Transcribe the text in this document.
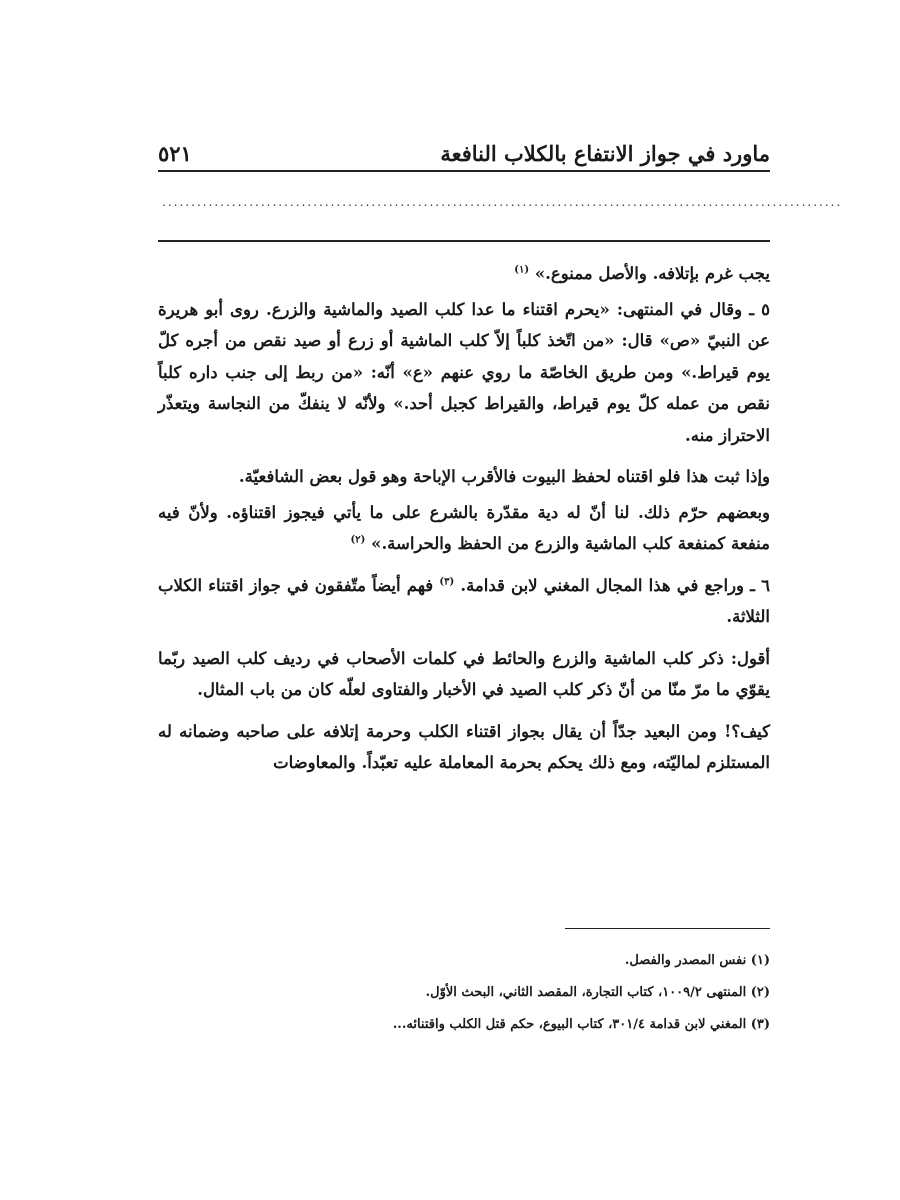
٥٢١	ماورد في جواز الانتفاع بالكلاب النافعة
.....................................................................................................................

يجب غرم بإتلافه. والأصل ممنوع.» $^{(١)}$

٥ ـ وقال في المنتهى: «يحرم اقتناء ما عدا كلب الصيد والماشية والزرع. روى أبو هريرة عن النبيّ «ص» قال: «من اتّخذ كلباً إلاّ كلب الماشية أو زرع أو صيد نقص من أجره كلّ يوم قيراط.» ومن طريق الخاصّة ما روي عنهم «ع» أنّه: «من ربط إلى جنب داره كلباً نقص من عمله كلّ يوم قيراط، والقيراط كجبل أحد.» ولأنّه لا ينفكّ من النجاسة ويتعذّر الاحتراز منه.

وإذا ثبت هذا فلو اقتناه لحفظ البيوت فالأقرب الإباحة وهو قول بعض الشافعيّة.

وبعضهم حرّم ذلك. لنا أنّ له دية مقدّرة بالشرع على ما يأتي فيجوز اقتناؤه. ولأنّ فيه منفعة كمنفعة كلب الماشية والزرع من الحفظ والحراسة.» $^{(٢)}$

٦ ـ وراجع في هذا المجال المغني لابن قدامة. $^{(٣)}$ فهم أيضاً متّفقون في جواز اقتناء الكلاب الثلاثة.

أقول: ذكر كلب الماشية والزرع والحائط في كلمات الأصحاب في رديف كلب الصيد ربّما يقوّي ما مرّ منّا من أنّ ذكر كلب الصيد في الأخبار والفتاوى لعلّه كان من باب المثال.

كيف؟! ومن البعيد جدّاً أن يقال بجواز اقتناء الكلب وحرمة إتلافه على صاحبه وضمانه له المستلزم لماليّته، ومع ذلك يحكم بحرمة المعاملة عليه تعبّداً. والمعاوضات

(١) نفس المصدر والفصل.
(٢) المنتهى ١٠٠٩/٢، كتاب التجارة، المقصد الثاني، البحث الأوّل.
(٣) المغني لابن قدامة ٣٠١/٤، كتاب البيوع، حكم قتل الكلب واقتنائه...
